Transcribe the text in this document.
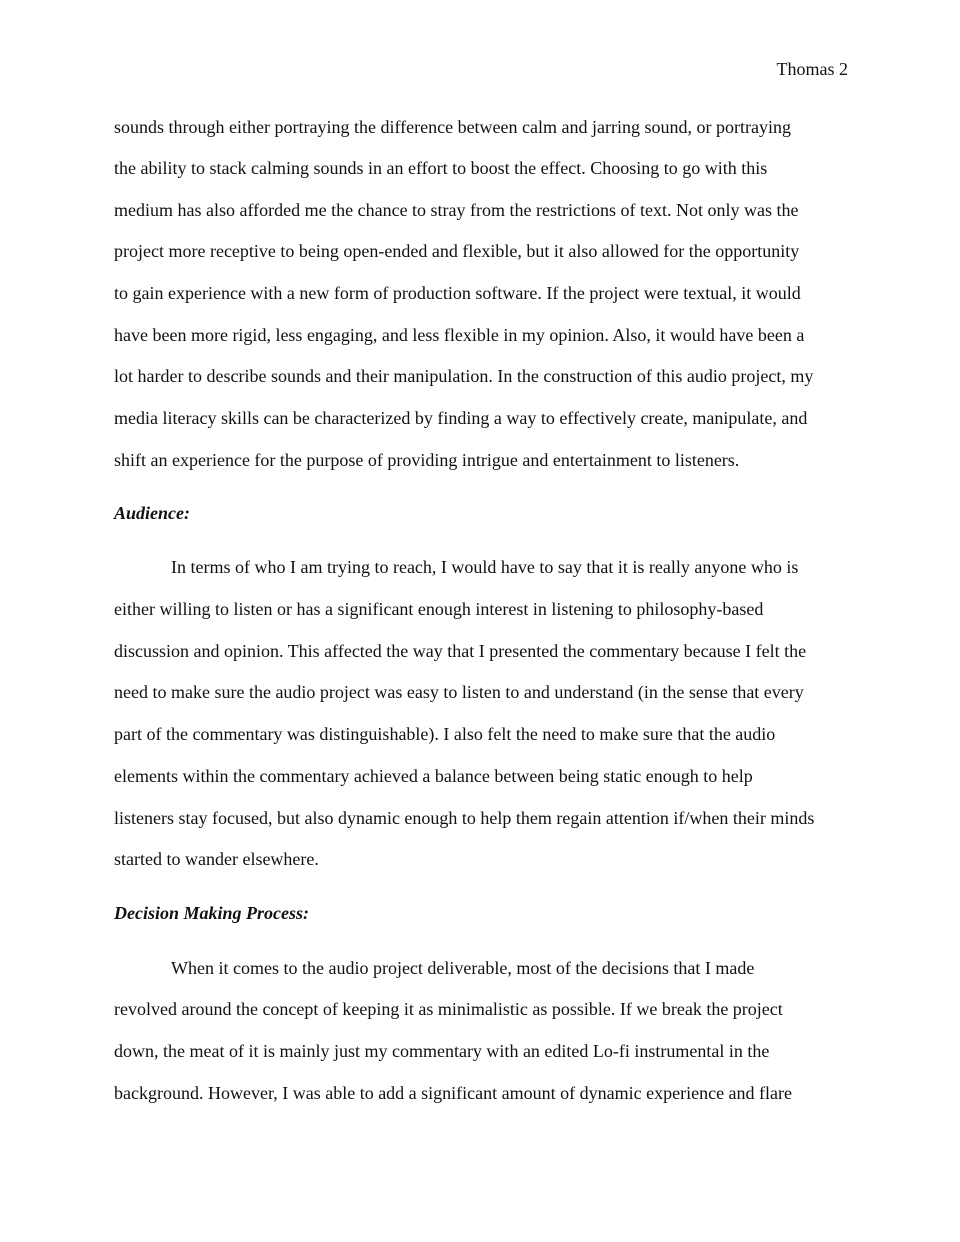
Thomas 2
sounds through either portraying the difference between calm and jarring sound, or portraying
the ability to stack calming sounds in an effort to boost the effect. Choosing to go with this
medium has also afforded me the chance to stray from the restrictions of text. Not only was the
project more receptive to being open-ended and flexible, but it also allowed for the opportunity
to gain experience with a new form of production software. If the project were textual, it would
have been more rigid, less engaging, and less flexible in my opinion. Also, it would have been a
lot harder to describe sounds and their manipulation. In the construction of this audio project, my
media literacy skills can be characterized by finding a way to effectively create, manipulate, and
shift an experience for the purpose of providing intrigue and entertainment to listeners.
Audience:
In terms of who I am trying to reach, I would have to say that it is really anyone who is
either willing to listen or has a significant enough interest in listening to philosophy-based
discussion and opinion. This affected the way that I presented the commentary because I felt the
need to make sure the audio project was easy to listen to and understand (in the sense that every
part of the commentary was distinguishable). I also felt the need to make sure that the audio
elements within the commentary achieved a balance between being static enough to help
listeners stay focused, but also dynamic enough to help them regain attention if/when their minds
started to wander elsewhere.
Decision Making Process:
When it comes to the audio project deliverable, most of the decisions that I made
revolved around the concept of keeping it as minimalistic as possible. If we break the project
down, the meat of it is mainly just my commentary with an edited Lo-fi instrumental in the
background. However, I was able to add a significant amount of dynamic experience and flare
